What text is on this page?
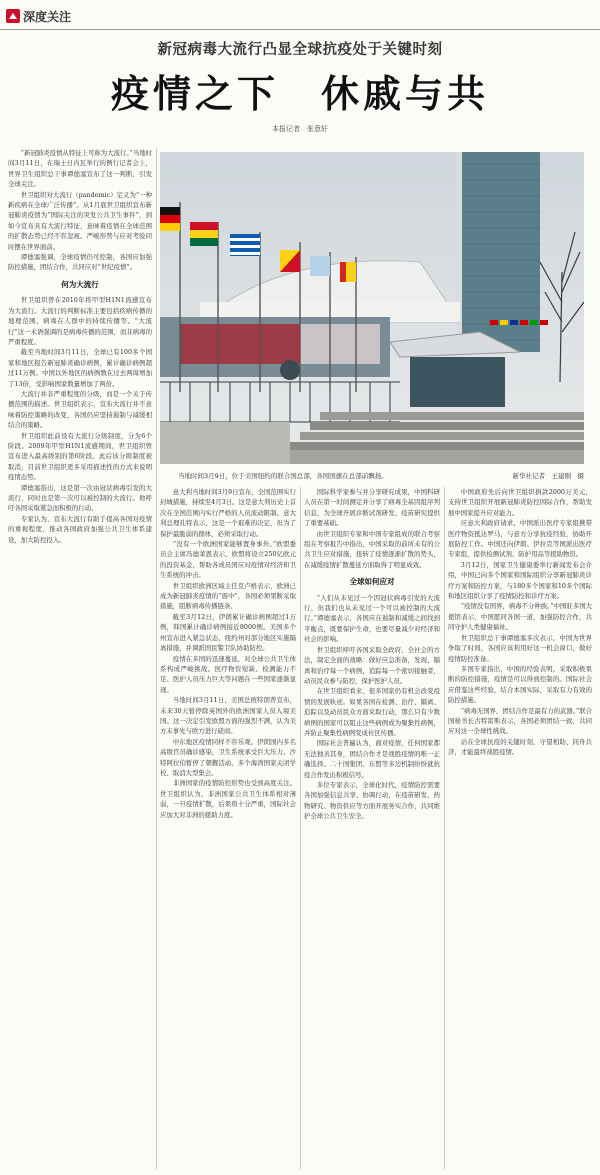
深度关注
新冠病毒大流行凸显全球抗疫处于关键时刻
疫情之下　休戚与共
本报记者　张意轩

“新冠肺炎疫情从特征上可称为大流行。”当地时间3月11日，在瑞士日内瓦举行的例行记者会上，世界卫生组织总干事谭德塞宣布了这一判断，引发全球关注。

世卫组织对大流行（pandemic）定义为“一种新疾病在全球广泛传播”。从1月底世卫组织宣布新冠肺炎疫情为“国际关注的突发公共卫生事件”，到如今宣布具有大流行特征，意味着疫情在全球范围的扩散态势已经不容忽视。严峻形势与应对考验同时摆在世界面前。

谭德塞强调，全球疫情仍可控制，各国应加强防控措施，团结合作，共同应对“世纪疫情”。

何为大流行

世卫组织曾在2010年将甲型H1N1流感宣布为大流行。大流行的判断标准主要包括疾病传播的地理范围、病毒在人群中的持续传播等。“大流行”这一术语强调的是病毒传播的范围，而非病毒的严重程度。

截至当地时间3月11日，全球已有100多个国家和地区报告新冠肺炎确诊病例，累计确诊病例超过11万例。中国以外地区的病例数在过去两周增加了13倍，受影响国家数量增加了两倍。

大流行并非严重程度的分级，而是一个关于传播范围的描述。世卫组织表示，宣布大流行并不意味着防控策略的改变，各国仍应坚持遏制与减缓相结合的策略。

世卫组织此前设有大流行分级制度，分为6个阶段。2009年甲型H1N1流感期间，世卫组织曾宣布进入最高级别的第6阶段。此后该分级制度被取消，目前世卫组织更多采用描述性的方式来说明疫情态势。

谭德塞指出，这是第一次由冠状病毒引发的大流行，同时也是第一次可以被控制的大流行。他呼吁各国采取紧急而积极的行动。

专家认为，宣布大流行有助于提高各国对疫情的重视程度，推动各国政府加强公共卫生体系建设，加大防控投入。

当地时间3月9日，位于美国纽约的联合国总部，各国国旗在总部前飘扬。	新华社记者　王建刚　摄

意大利当地时间3月9日宣布，全国范围实行封城措施，持续至4月3日。这是意大利历史上首次在全国范围内实行严格的人员流动限制。意大利总理孔特表示，这是一个艰难的决定，但为了保护最脆弱的群体，必须采取行动。

“没有一个欧洲国家能够置身事外。”欧盟委员会主席冯德莱恩表示，欧盟将设立250亿欧元的投资基金，帮助各成员国应对疫情对经济和卫生系统的冲击。

世卫组织欧洲区域主任克卢格表示，欧洲已成为新冠肺炎疫情的“震中”，各国必须果断采取措施，阻断病毒传播链条。

截至3月12日，伊朗累计确诊病例超过1万例，韩国累计确诊病例接近8000例。美国多个州宣布进入紧急状态，纽约州对部分地区实施隔离措施，并调派国民警卫队协助防控。

疫情在多国的迅速蔓延，对全球公共卫生体系构成严峻挑战。医疗物资短缺、检测能力不足、医护人员压力巨大等问题在一些国家逐渐显现。

当地时间3月11日，美国总统特朗普宣布，未来30天暂停除英国外的欧洲国家人员入境美国。这一决定引发欧盟方面的强烈不满，认为美方未事先与欧方进行磋商。

中东地区疫情同样不容乐观。伊朗国内多名高级官员确诊感染，卫生系统承受巨大压力。沙特阿拉伯暂停了朝觐活动，多个海湾国家关闭学校、取消大型集会。

非洲国家的疫情防控形势也受到高度关注。世卫组织认为，非洲国家公共卫生体系相对薄弱，一旦疫情扩散，后果将十分严重，国际社会应加大对非洲的援助力度。

国际科学家参与并分享研究成果，中国科研人员在第一时间测定并分享了病毒全基因组序列信息，为全球开展诊断试剂研发、疫苗研究提供了重要基础。

由世卫组织专家和中国专家组成的联合考察组在考察报告中指出，中国采取的前所未有的公共卫生应对措施，扭转了疫情逐渐扩散的势头，在减缓疫情扩散蔓延方面取得了明显成效。

全球如何应对

“人们从未见过一个因冠状病毒引发的大流行，但我们也从未见过一个可以被控制的大流行。”谭德塞表示，各国应在遏制和减缓之间找到平衡点，既要保护生命，也要尽量减少对经济和社会的影响。

世卫组织呼吁各国采取全政府、全社会的方法，制定全面的战略：做好应急准备，发现、隔离和治疗每一个病例，追踪每一个密切接触者，动员民众参与防控，保护医护人员。

在世卫组织看来，很多国家仍有机会改变疫情的发展轨迹。如果各国在检测、治疗、隔离、追踪以及动员民众方面采取行动，那么只有少数病例的国家可以阻止这些病例成为聚集性病例，并防止聚集性病例变成社区传播。

国际社会普遍认为，面对疫情，任何国家都无法独善其身，团结合作才是战胜疫情的唯一正确选择。二十国集团、东盟等多边机制纷纷就抗疫合作发出积极信号。

多位专家表示，全球化时代，疫情防控需要各国加强信息共享、协调行动，在疫苗研发、药物研究、物资供应等方面开展务实合作，共同维护全球公共卫生安全。

中国政府先后向世卫组织捐款2000万美元，支持世卫组织开展新冠肺炎防控国际合作，帮助发展中国家提升应对能力。

应意大利政府请求，中国派出医疗专家组携带医疗物资抵达罗马，与意方分享抗疫经验，协助开展防控工作。中国还向伊朗、伊拉克等国派出医疗专家组，提供检测试剂、防护用品等援助物资。

3月12日，国家卫生健康委举行新闻发布会介绍，中国已向多个国家和国际组织分享新冠肺炎诊疗方案和防控方案，与180多个国家和10多个国际和地区组织分享了疫情防控和诊疗方案。

“疫情没有国界，病毒不分种族。”中国驻多国大使馆表示，中国愿同各国一道，加强防控合作，共同守护人类健康福祉。

世卫组织总干事谭德塞多次表示，中国为世界争取了时间，各国应该利用好这一机会窗口，做好疫情防控准备。

多国专家指出，中国的经验表明，采取积极果断的防控措施，疫情是可以得到控制的。国际社会应借鉴这些经验，结合本国实际，采取有力有效的防控措施。

“病毒无国界，团结合作是最有力的武器。”联合国秘书长古特雷斯表示，各国必须团结一致，共同应对这一全球性挑战。

站在全球抗疫的关键时刻，守望相助、同舟共济，才能最终战胜疫情。
